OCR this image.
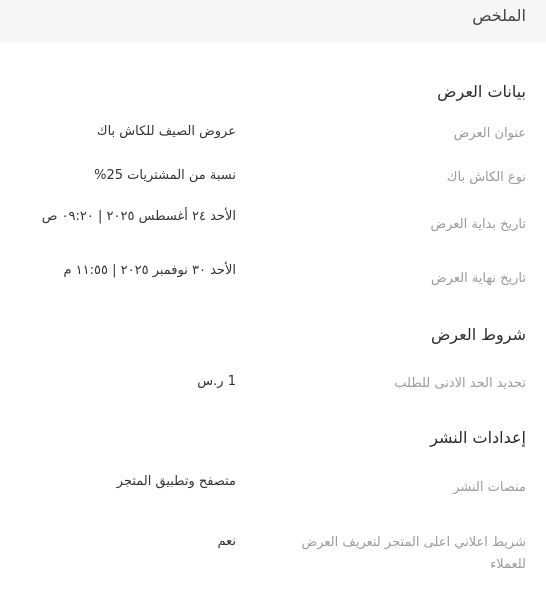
الملخص
بيانات العرض
عنوان العرض
عروض الصيف للكاش باك
نوع الكاش باك
نسبة من المشتريات 25%
تاريخ بداية العرض
الأحد ٢٤ أغسطس ٢٠٢٥ | ٠٩:٢٠ ص
تاريخ نهاية العرض
الأحد ٣٠ نوفمبر ٢٠٢٥ | ١١:٥٥ م
شروط العرض
تحديد الحد الادنى للطلب
1 ر.س
إعدادات النشر
منصات النشر
متصفح وتطبيق المتجر
شريط اعلاني اعلى المتجر لتعريف العرض للعملاء
نعم
